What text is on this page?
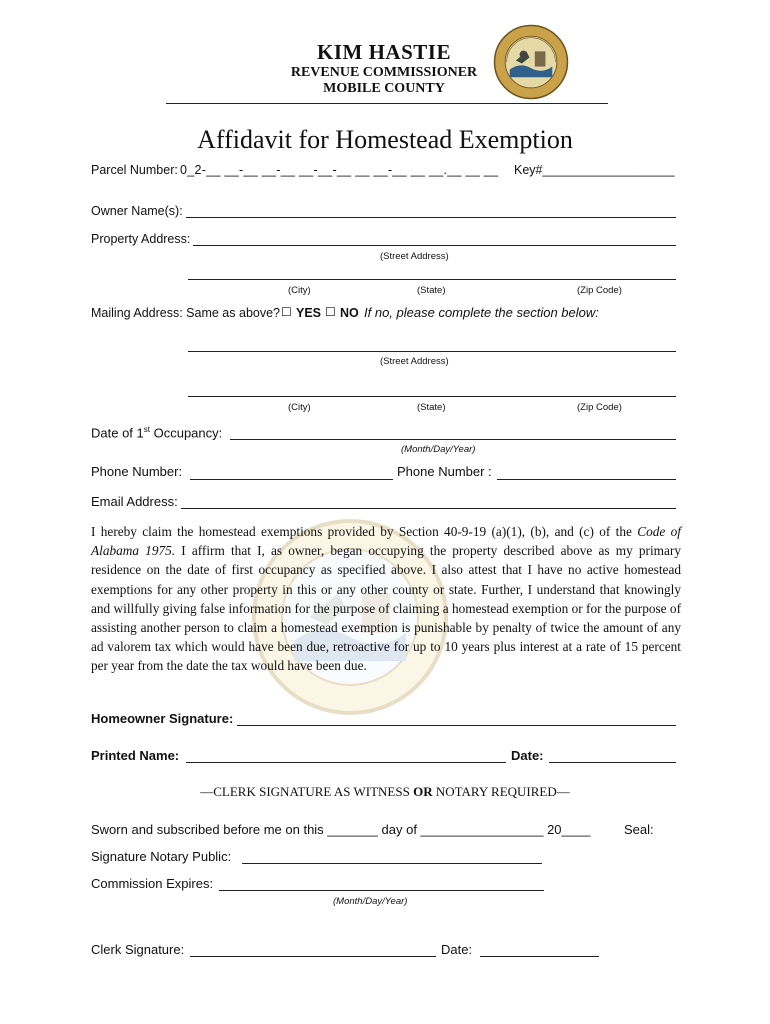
KIM HASTIE
REVENUE COMMISSIONER
MOBILE COUNTY
Affidavit for Homestead Exemption
Parcel Number: 0_2-__ __-__ __-__ __-__-__ __ __-__ __ __.__ __ __ Key#___________________
Owner Name(s):
Property Address:
(Street Address)
(City)	(State)	(Zip Code)
Mailing Address: Same as above? ☐ YES ☐ NO If no, please complete the section below:
(Street Address)
(City)	(State)	(Zip Code)
Date of 1st Occupancy:
(Month/Day/Year)
Phone Number:	Phone Number :
Email Address:
I hereby claim the homestead exemptions provided by Section 40-9-19 (a)(1), (b), and (c) of the Code of Alabama 1975. I affirm that I, as owner, began occupying the property described above as my primary residence on the date of first occupancy as specified above. I also attest that I have no active homestead exemptions for any other property in this or any other county or state. Further, I understand that knowingly and willfully giving false information for the purpose of claiming a homestead exemption or for the purpose of assisting another person to claim a homestead exemption is punishable by penalty of twice the amount of any ad valorem tax which would have been due, retroactive for up to 10 years plus interest at a rate of 15 percent per year from the date the tax would have been due.
Homeowner Signature:
Printed Name:	Date:
—CLERK SIGNATURE AS WITNESS OR NOTARY REQUIRED—
Sworn and subscribed before me on this _______ day of _________________ 20____	Seal:
Signature Notary Public:
Commission Expires:
(Month/Day/Year)
Clerk Signature:	Date:
